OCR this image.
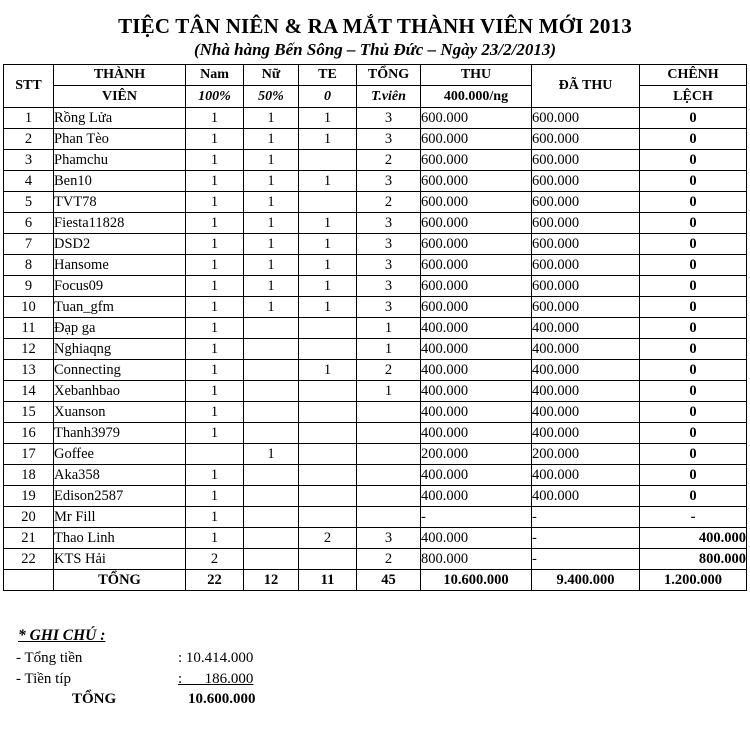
TIỆC TÂN NIÊN & RA MẮT THÀNH VIÊN MỚI 2013
(Nhà hàng Bến Sông – Thủ Đức – Ngày 23/2/2013)
STT	THÀNH	Nam	Nữ	TE	TỔNG	THU	ĐÃ THU	CHÊNH
	VIÊN	100%	50%	0	T.viên	400.000/ng		LỆCH
1	Rồng Lửa	1	1	1	3	600.000	600.000	0
2	Phan Tèo	1	1	1	3	600.000	600.000	0
3	Phamchu	1	1		2	600.000	600.000	0
4	Ben10	1	1	1	3	600.000	600.000	0
5	TVT78	1	1		2	600.000	600.000	0
6	Fiesta11828	1	1	1	3	600.000	600.000	0
7	DSD2	1	1	1	3	600.000	600.000	0
8	Hansome	1	1	1	3	600.000	600.000	0
9	Focus09	1	1	1	3	600.000	600.000	0
10	Tuan_gfm	1	1	1	3	600.000	600.000	0
11	Đạp ga	1			1	400.000	400.000	0
12	Nghiaqng	1			1	400.000	400.000	0
13	Connecting	1		1	2	400.000	400.000	0
14	Xebanhbao	1			1	400.000	400.000	0
15	Xuanson	1				400.000	400.000	0
16	Thanh3979	1				400.000	400.000	0
17	Goffee		1			200.000	200.000	0
18	Aka358	1				400.000	400.000	0
19	Edison2587	1				400.000	400.000	0
20	Mr Fill	1				-	-	-
21	Thao Linh	1		2	3	400.000	-	400.000
22	KTS Hải	2			2	800.000	-	800.000
	TỔNG	22	12	11	45	10.600.000	9.400.000	1.200.000
* GHI CHÚ :
- Tổng tiền	: 10.414.000
- Tiền típ	:      186.000
TỔNG	10.600.000
